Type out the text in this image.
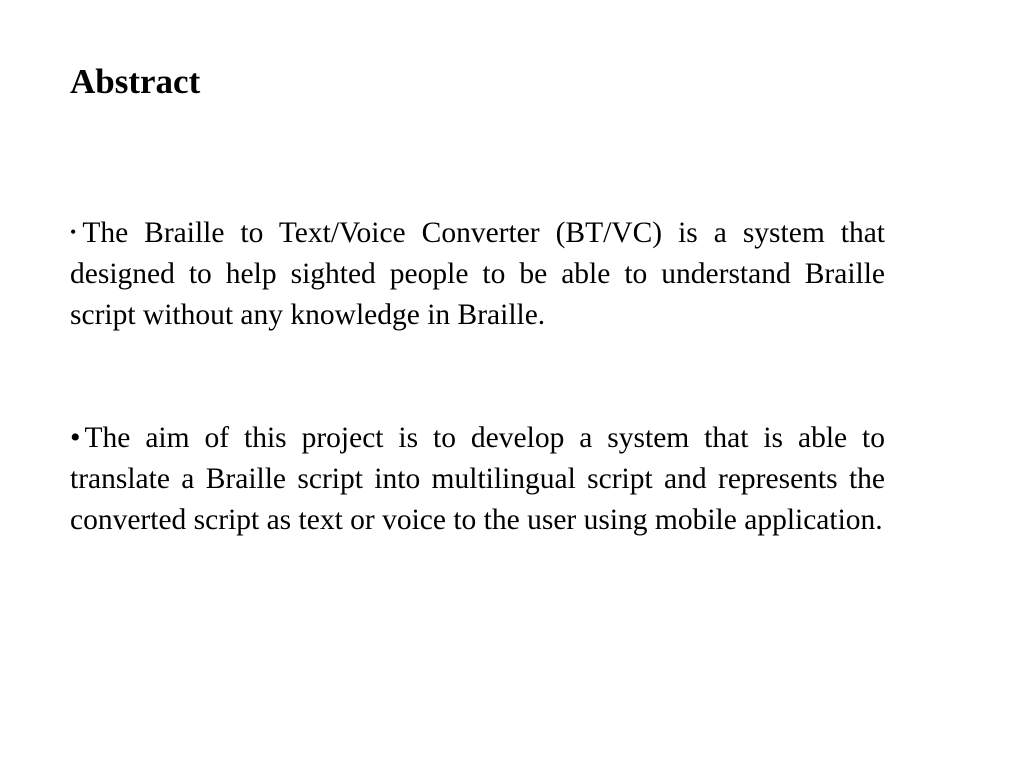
Abstract

• The Braille to Text/Voice Converter (BT/VC) is a system that designed to help sighted people to be able to understand Braille script without any knowledge in Braille.

• The aim of this project is to develop a system that is able to translate a Braille script into multilingual script and represents the converted script as text or voice to the user using mobile application.
